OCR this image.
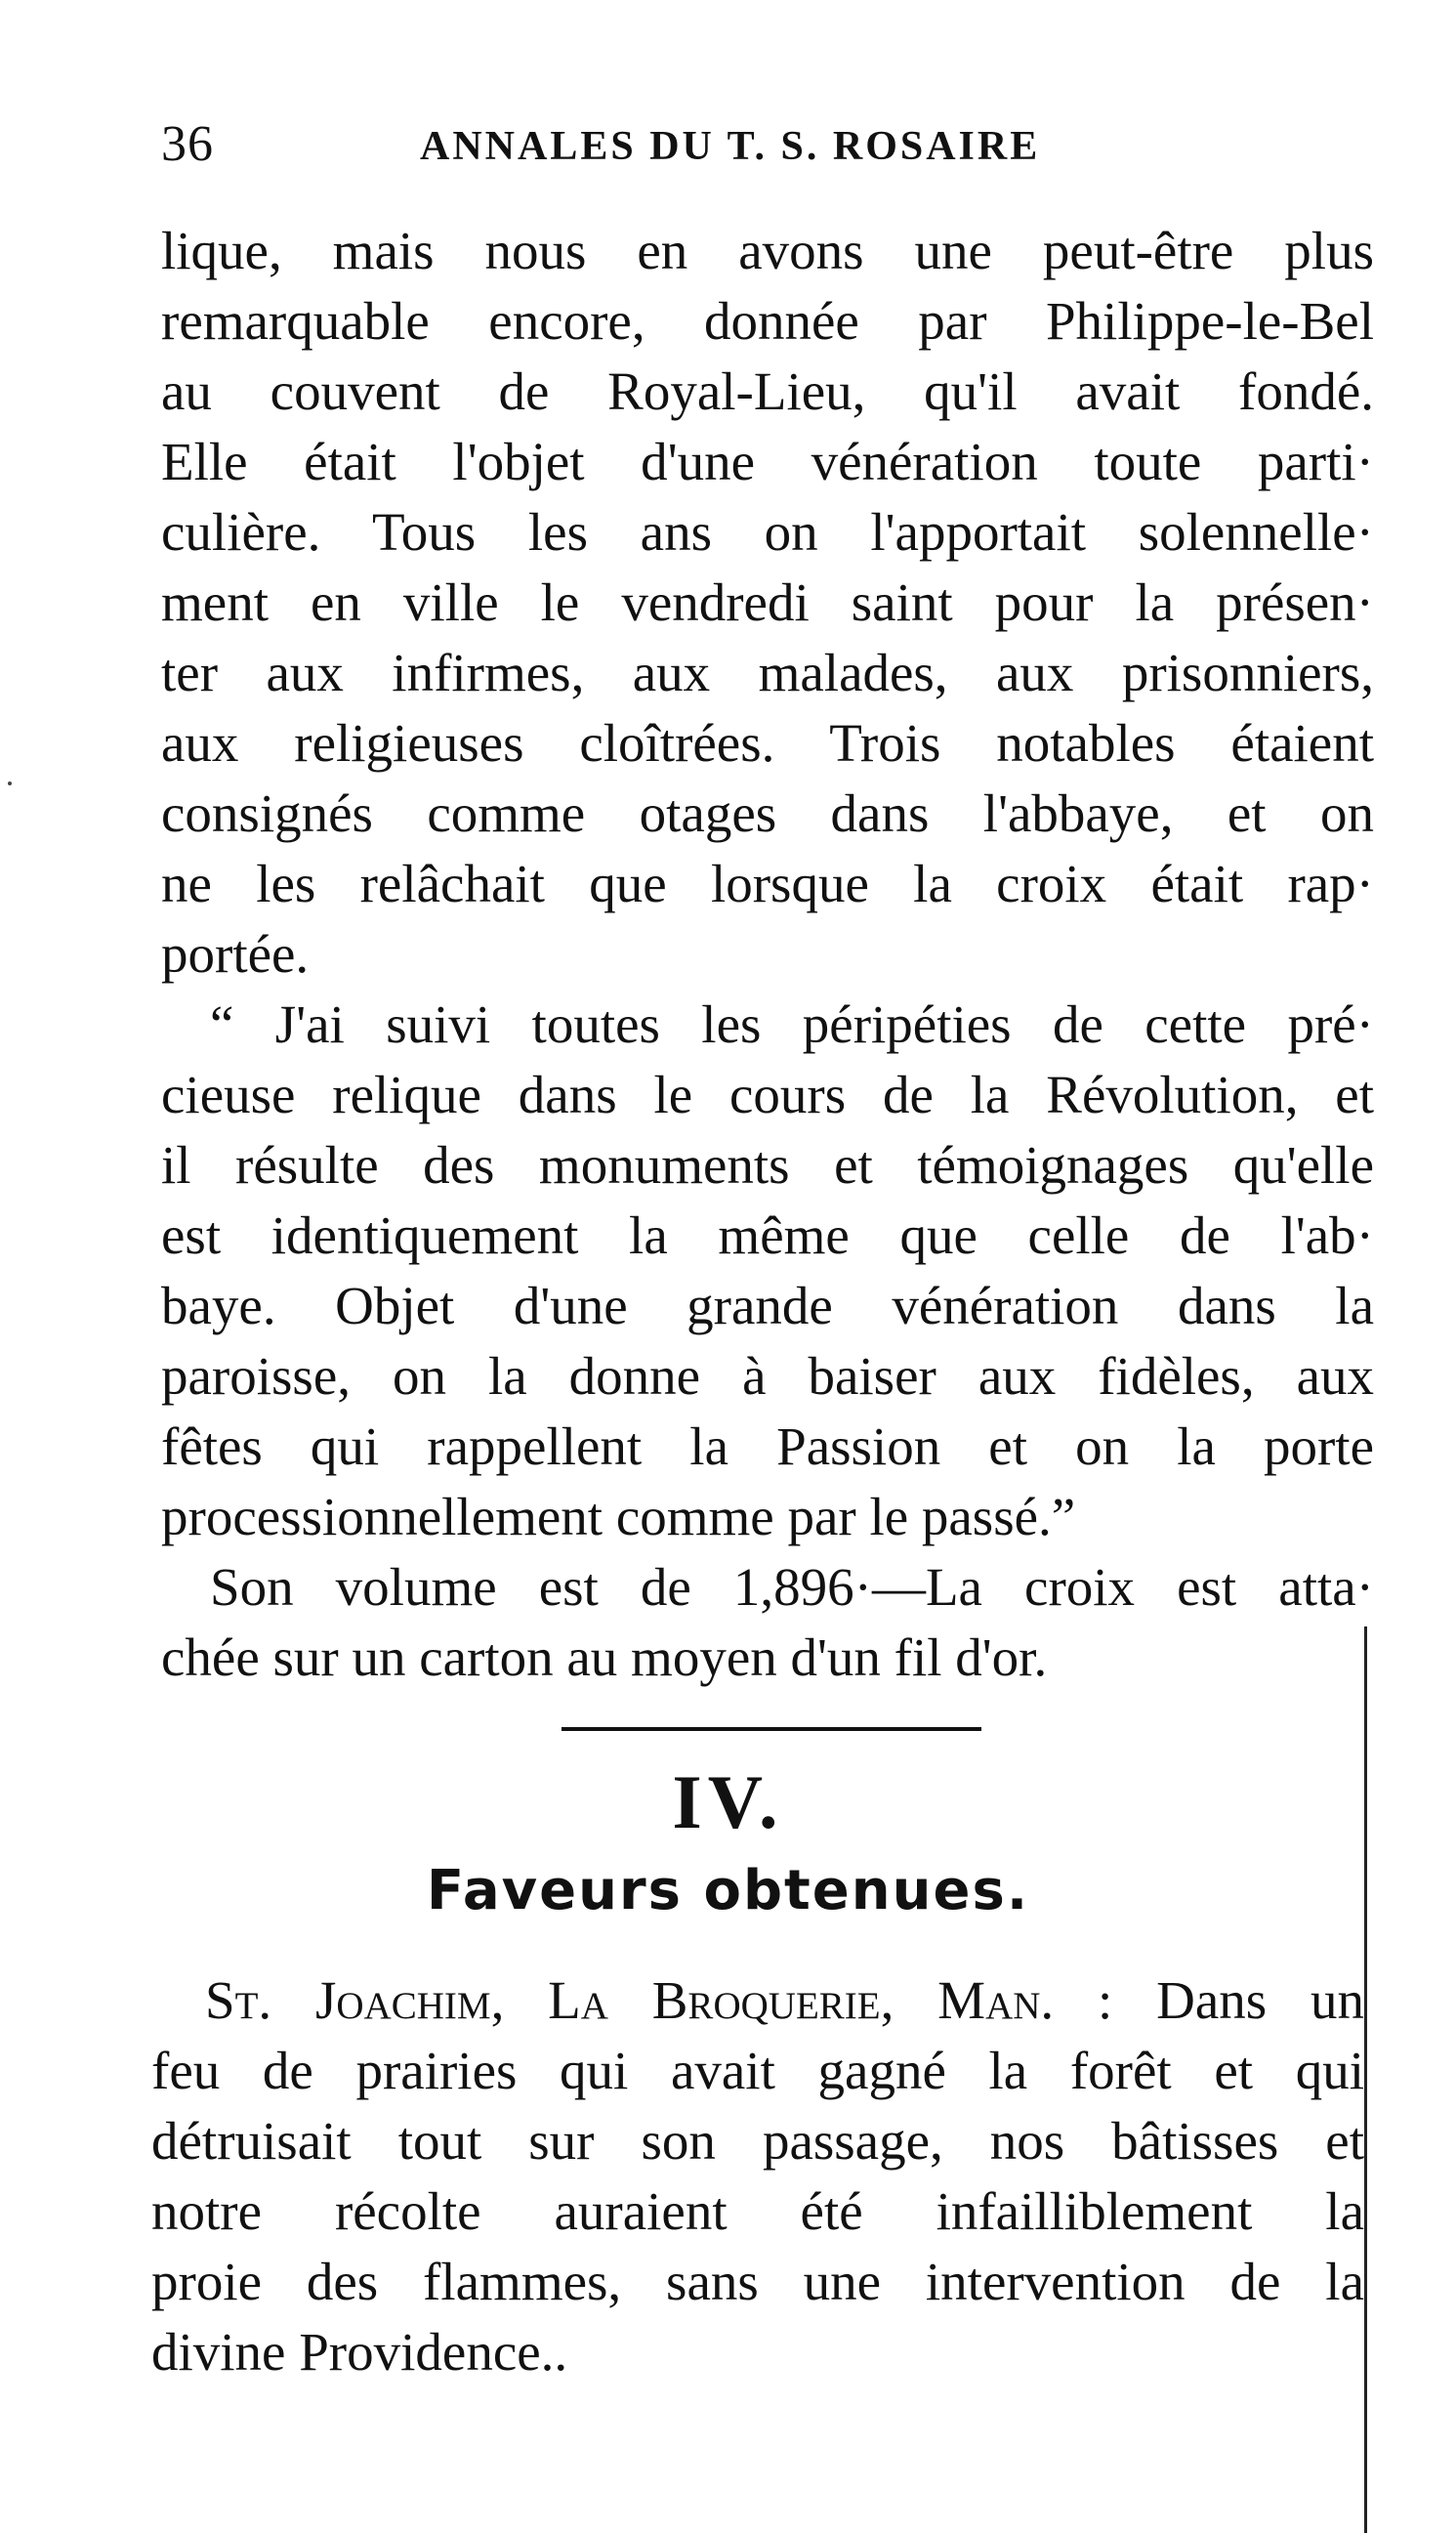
36	ANNALES DU T. S. ROSAIRE
lique, mais nous en avons une peut-être plus
remarquable encore, donnée par Philippe-le-Bel
au couvent de Royal-Lieu, qu'il avait fondé.
Elle était l'objet d'une vénération toute parti·
culière. Tous les ans on l'apportait solennelle·
ment en ville le vendredi saint pour la présen·
ter aux infirmes, aux malades, aux prisonniers,
aux religieuses cloîtrées. Trois notables étaient
consignés comme otages dans l'abbaye, et on
ne les relâchait que lorsque la croix était rap·
portée.
“ J'ai suivi toutes les péripéties de cette pré·
cieuse relique dans le cours de la Révolution, et
il résulte des monuments et témoignages qu'elle
est identiquement la même que celle de l'ab·
baye. Objet d'une grande vénération dans la
paroisse, on la donne à baiser aux fidèles, aux
fêtes qui rappellent la Passion et on la porte
processionnellement comme par le passé.”
Son volume est de 1,896·—La croix est atta·
chée sur un carton au moyen d'un fil d'or.
IV.
Faveurs obtenues.
St. Joachim, La Broquerie, Man. : Dans un
feu de prairies qui avait gagné la forêt et qui
détruisait tout sur son passage, nos bâtisses et
notre récolte auraient été infailliblement la
proie des flammes, sans une intervention de la
divine Providence..
